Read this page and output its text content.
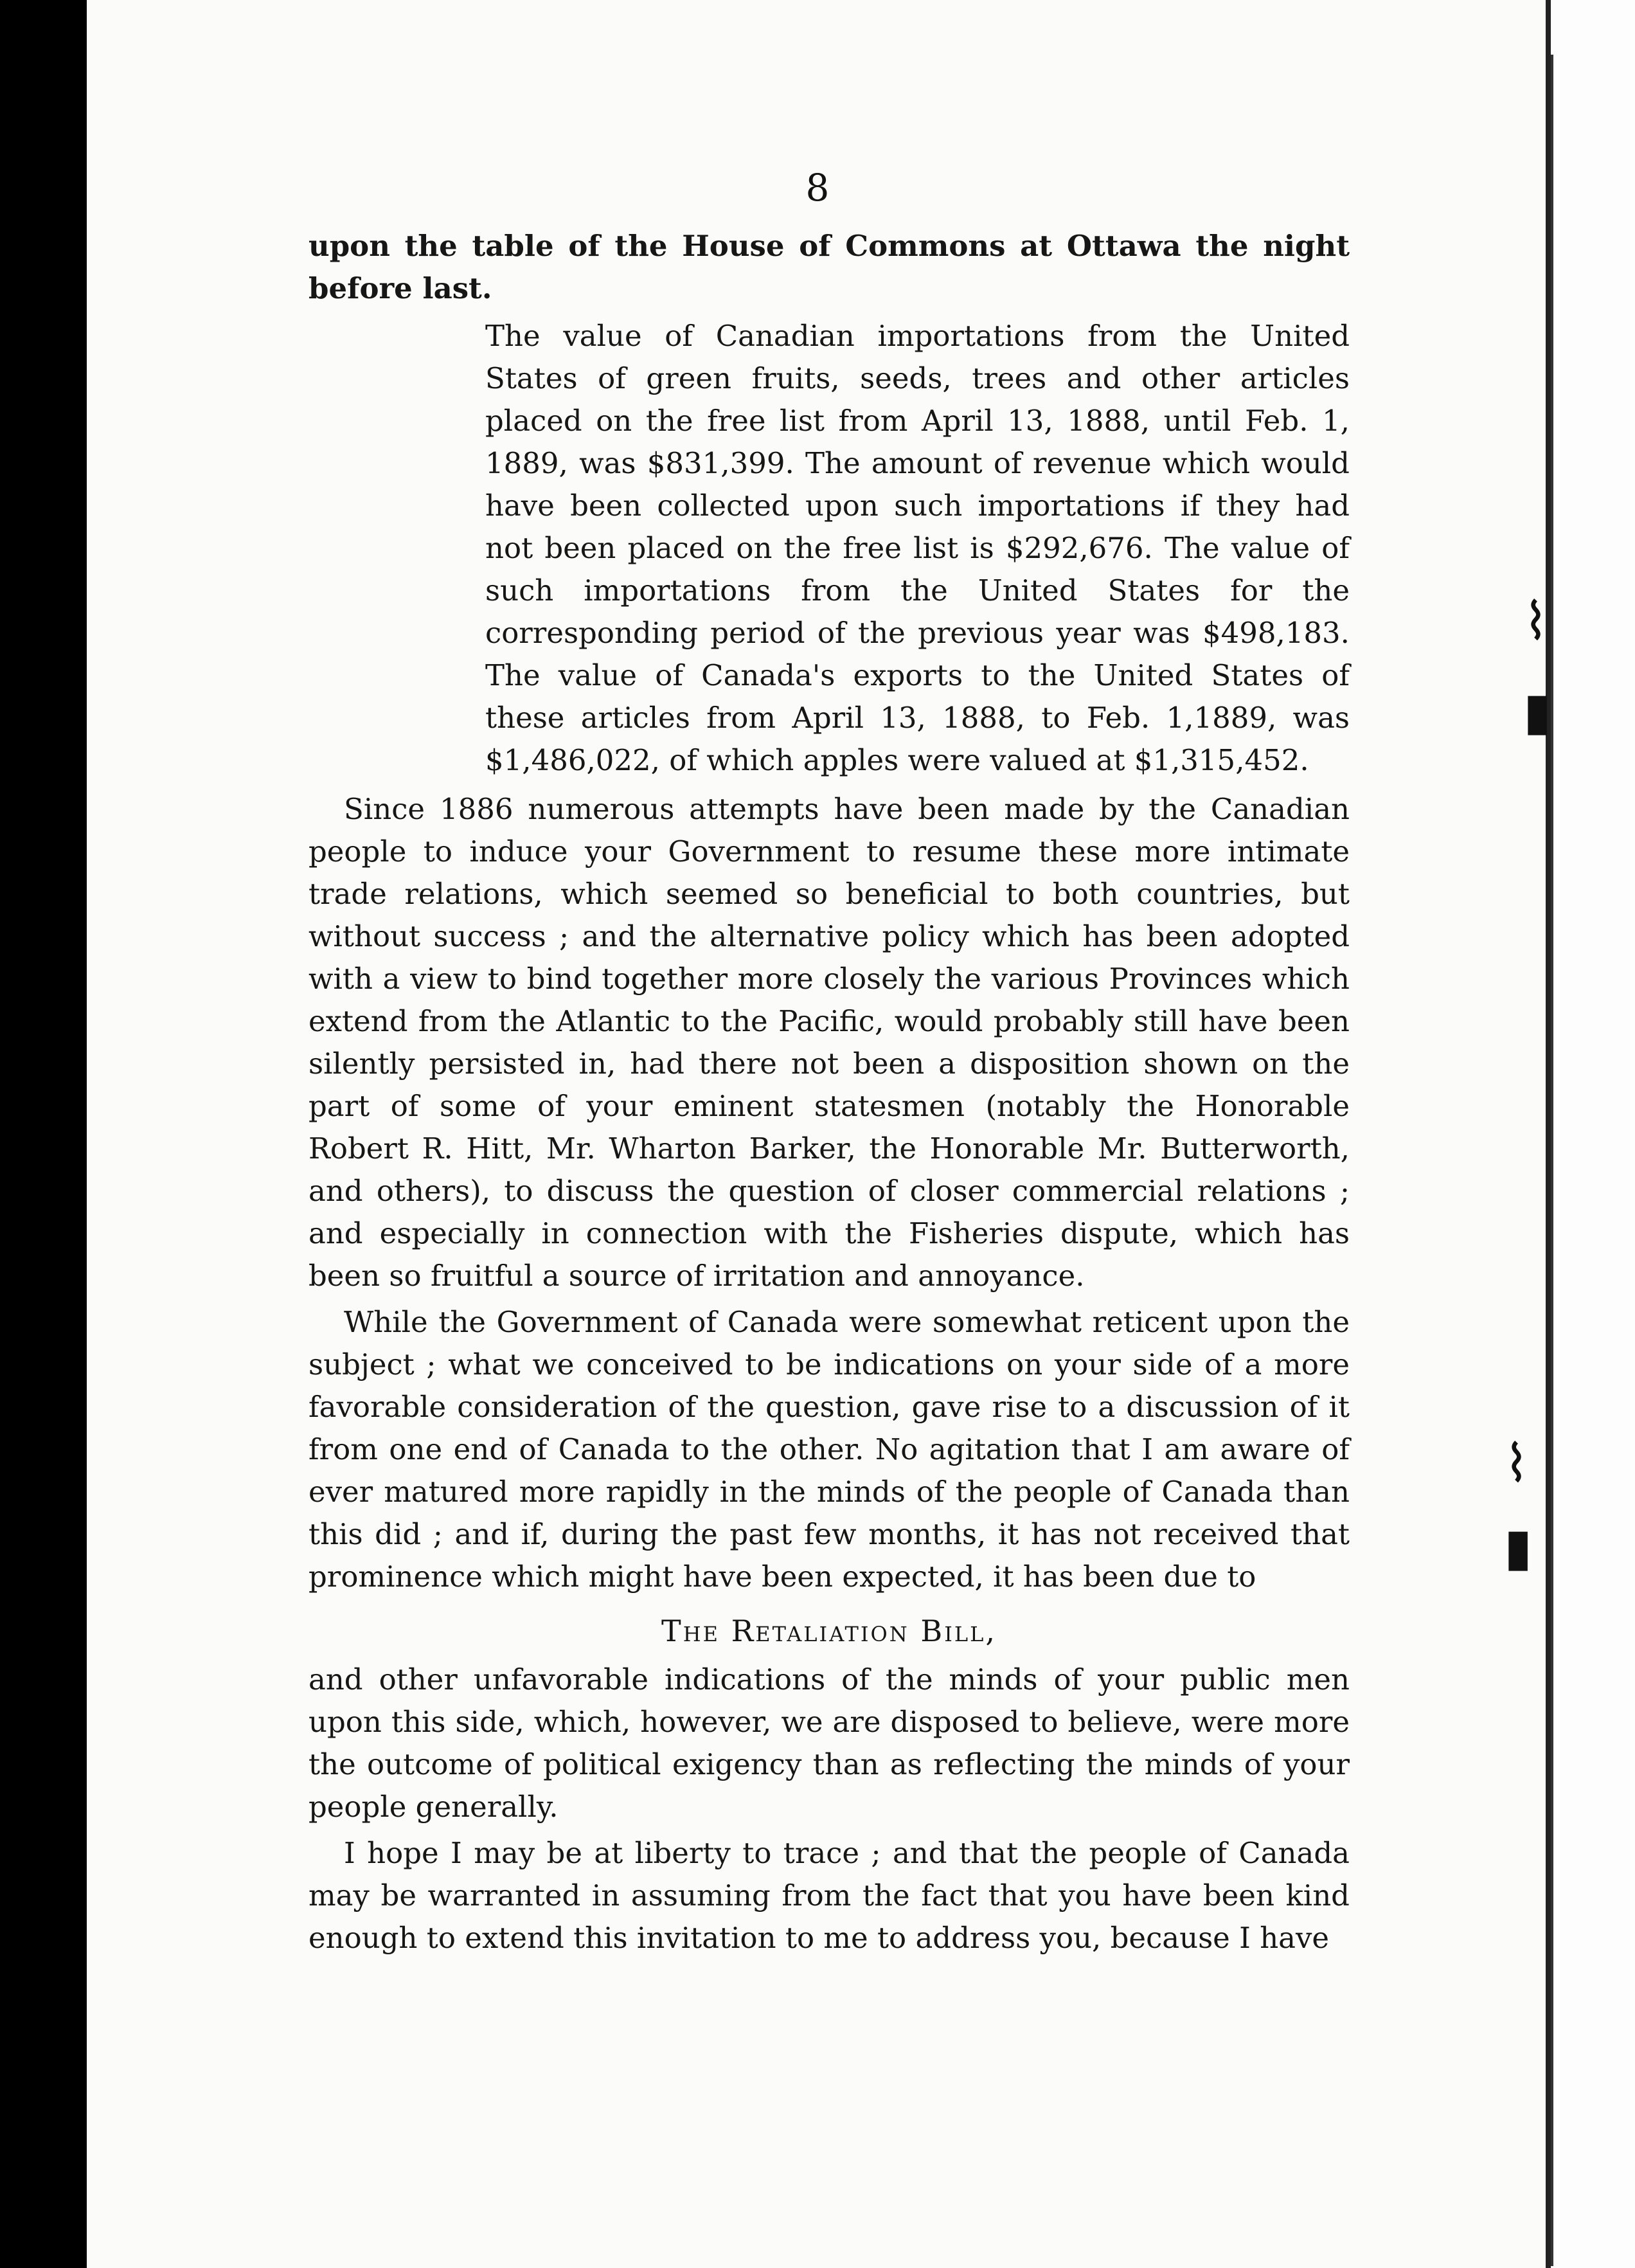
⌇
▮
⌇
▮

8

upon the table of the House of Commons at Ottawa the night before last.

The value of Canadian importations from the United States of green fruits, seeds, trees and other articles placed on the free list from April 13, 1888, until Feb. 1, 1889, was $831,399. The amount of revenue which would have been collected upon such importations if they had not been placed on the free list is $292,676. The value of such importations from the United States for the corresponding period of the previous year was $498,183. The value of Canada's exports to the United States of these articles from April 13, 1888, to Feb. 1,1889, was $1,486,022, of which apples were valued at $1,315,452.

Since 1886 numerous attempts have been made by the Canadian people to induce your Government to resume these more intimate trade relations, which seemed so beneficial to both countries, but without success ; and the alternative policy which has been adopted with a view to bind together more closely the various Provinces which extend from the Atlantic to the Pacific, would probably still have been silently persisted in, had there not been a disposition shown on the part of some of your eminent statesmen (notably the Honorable Robert R. Hitt, Mr. Wharton Barker, the Honorable Mr. Butterworth, and others), to discuss the question of closer commercial relations ; and especially in connection with the Fisheries dispute, which has been so fruitful a source of irritation and annoyance.

While the Government of Canada were somewhat reticent upon the subject ; what we conceived to be indications on your side of a more favorable consideration of the question, gave rise to a discussion of it from one end of Canada to the other. No agitation that I am aware of ever matured more rapidly in the minds of the people of Canada than this did ; and if, during the past few months, it has not received that prominence which might have been expected, it has been due to

The Retaliation Bill,

and other unfavorable indications of the minds of your public men upon this side, which, however, we are disposed to believe, were more the outcome of political exigency than as reflecting the minds of your people generally.

I hope I may be at liberty to trace ; and that the people of Canada may be warranted in assuming from the fact that you have been kind enough to extend this invitation to me to address you, because I have
